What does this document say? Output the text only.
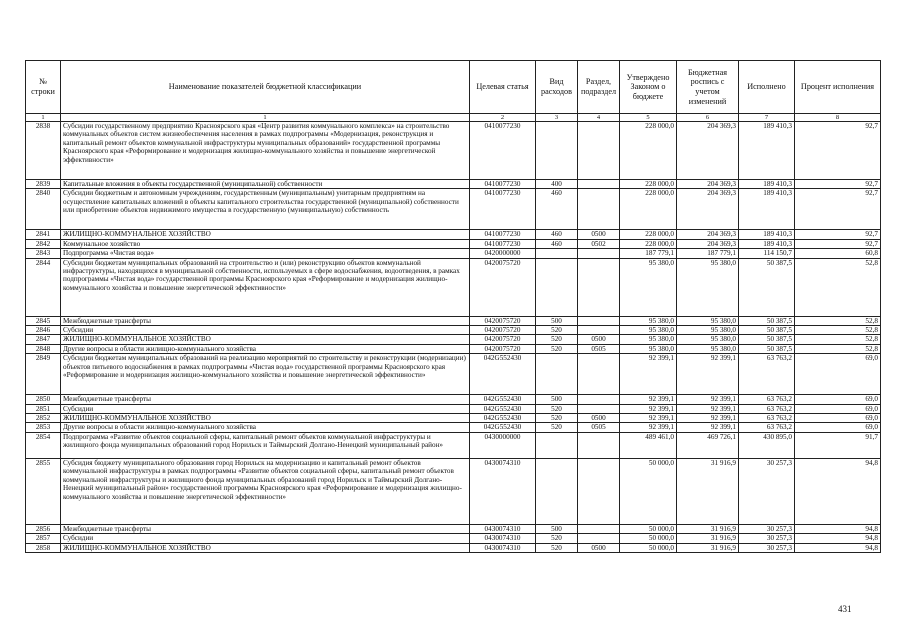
№ строки	Наименование показателей бюджетной классификации	Целевая статья	Вид расходов	Раздел, подраздел	Утверждено Законом о бюджете	Бюджетная роспись с учетом изменений	Исполнено	Процент исполнения
1	1	2	3	4	5	6	7	8
2838	Субсидии государственному предприятию Красноярского края «Центр развития коммунального комплекса» на строительство коммунальных объектов систем жизнеобеспечения населения в рамках подпрограммы «Модернизация, реконструкция и капитальный ремонт объектов коммунальной инфраструктуры муниципальных образований» государственной программы Красноярского края «Реформирование и модернизация жилищно-коммунального хозяйства и повышение энергетической эффективности»	0410077230			228 000,0	204 369,3	189 410,3	92,7
2839	Капитальные вложения в объекты государственной (муниципальной) собственности	0410077230	400		228 000,0	204 369,3	189 410,3	92,7
2840	Субсидии бюджетным и автономным учреждениям, государственным (муниципальным) унитарным предприятиям на осуществление капитальных вложений в объекты капитального строительства государственной (муниципальной) собственности или приобретение объектов недвижимого имущества в государственную (муниципальную) собственность	0410077230	460		228 000,0	204 369,3	189 410,3	92,7
2841	ЖИЛИЩНО-КОММУНАЛЬНОЕ ХОЗЯЙСТВО	0410077230	460	0500	228 000,0	204 369,3	189 410,3	92,7
2842	Коммунальное хозяйство	0410077230	460	0502	228 000,0	204 369,3	189 410,3	92,7
2843	Подпрограмма «Чистая вода»	0420000000			187 779,1	187 779,1	114 150,7	60,8
2844	Субсидии бюджетам муниципальных образований на строительство и (или) реконструкцию объектов коммунальной инфраструктуры, находящихся в муниципальной собственности, используемых в сфере водоснабжения, водоотведения, в рамках подпрограммы «Чистая вода» государственной программы Красноярского края «Реформирование и модернизация жилищно-коммунального хозяйства и повышение энергетической эффективности»	0420075720			95 380,0	95 380,0	50 387,5	52,8
2845	Межбюджетные трансферты	0420075720	500		95 380,0	95 380,0	50 387,5	52,8
2846	Субсидии	0420075720	520		95 380,0	95 380,0	50 387,5	52,8
2847	ЖИЛИЩНО-КОММУНАЛЬНОЕ ХОЗЯЙСТВО	0420075720	520	0500	95 380,0	95 380,0	50 387,5	52,8
2848	Другие вопросы в области жилищно-коммунального хозяйства	0420075720	520	0505	95 380,0	95 380,0	50 387,5	52,8
2849	Субсидии бюджетам муниципальных образований на реализацию мероприятий по строительству и реконструкции (модернизации) объектов питьевого водоснабжения в рамках подпрограммы «Чистая вода» государственной программы Красноярского края «Реформирование и модернизация жилищно-коммунального хозяйства и повышение энергетической эффективности»	042G552430			92 399,1	92 399,1	63 763,2	69,0
2850	Межбюджетные трансферты	042G552430	500		92 399,1	92 399,1	63 763,2	69,0
2851	Субсидии	042G552430	520		92 399,1	92 399,1	63 763,2	69,0
2852	ЖИЛИЩНО-КОММУНАЛЬНОЕ ХОЗЯЙСТВО	042G552430	520	0500	92 399,1	92 399,1	63 763,2	69,0
2853	Другие вопросы в области жилищно-коммунального хозяйства	042G552430	520	0505	92 399,1	92 399,1	63 763,2	69,0
2854	Подпрограмма «Развитие объектов социальной сферы, капитальный ремонт объектов коммунальной инфраструктуры и жилищного фонда муниципальных образований город Норильск и Таймырский Долгано-Ненецкий муниципальный район»	0430000000			489 461,0	469 726,1	430 895,0	91,7
2855	Субсидия бюджету муниципального образования город Норильск на модернизацию и капитальный ремонт объектов коммунальной инфраструктуры в рамках подпрограммы «Развитие объектов социальной сферы, капитальный ремонт объектов коммунальной инфраструктуры и жилищного фонда муниципальных образований город Норильск и Таймырский Долгано-Ненецкий муниципальный район» государственной программы Красноярского края «Реформирование и модернизация жилищно-коммунального хозяйства и повышение энергетической эффективности»	0430074310			50 000,0	31 916,9	30 257,3	94,8
2856	Межбюджетные трансферты	0430074310	500		50 000,0	31 916,9	30 257,3	94,8
2857	Субсидии	0430074310	520		50 000,0	31 916,9	30 257,3	94,8
2858	ЖИЛИЩНО-КОММУНАЛЬНОЕ ХОЗЯЙСТВО	0430074310	520	0500	50 000,0	31 916,9	30 257,3	94,8
431
